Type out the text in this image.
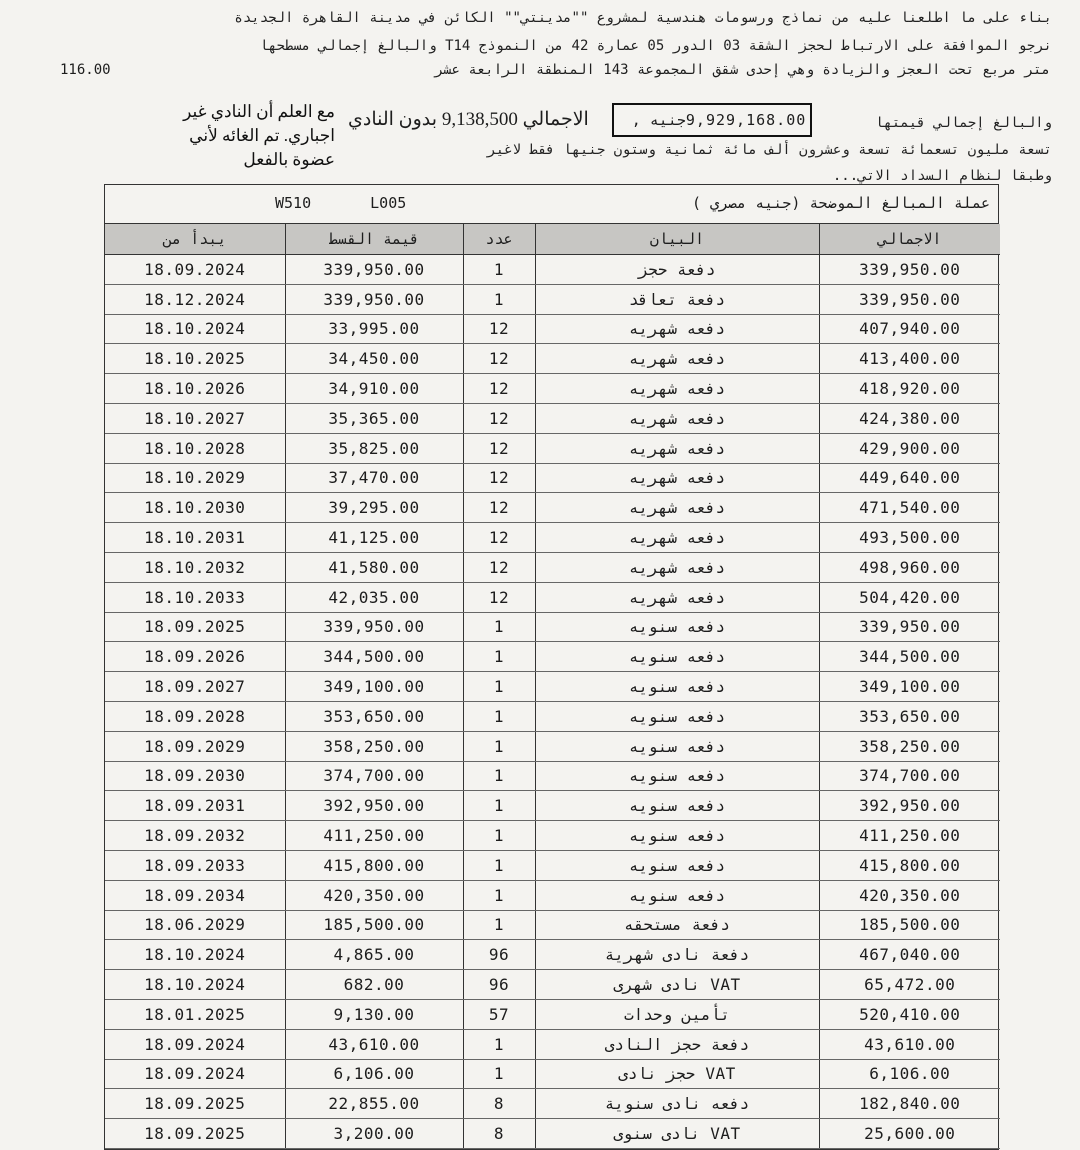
بناء على ما اطلعنا عليه من نماذج ورسومات هندسية لمشروع ""مدينتي"" الكائن في مدينة القاهرة الجديدة
نرجو الموافقة على الارتباط لحجز الشقة 03 الدور 05 عمارة 42 من النموذج T14 والبالغ إجمالي مسطحها
متر مربع تحت العجز والزيادة وهي إحدى شقق المجموعة 143 المنطقة الرابعة عشر
116.00
والبالغ إجمالي قيمتها
تسعة مليون تسعمائة تسعة وعشرون ألف مائة ثمانية وستون جنيها فقط لاغير
وطبقا لنظام السداد الاتي...
جنيه , 9,929,168.00
الاجمالي 9,138,500 بدون النادي
مع العلم أن النادي غير اجباري. تم الغائه لأني عضوة بالفعل
W510 L005	عملة المبالغ الموضحة (جنيه مصري )
يبدأ من	قيمة القسط	عدد	البيان	الاجمالي
18.09.2024	339,950.00	1	دفعة حجز	339,950.00
18.12.2024	339,950.00	1	دفعة تعاقد	339,950.00
18.10.2024	33,995.00	12	دفعه شهريه	407,940.00
18.10.2025	34,450.00	12	دفعه شهريه	413,400.00
18.10.2026	34,910.00	12	دفعه شهريه	418,920.00
18.10.2027	35,365.00	12	دفعه شهريه	424,380.00
18.10.2028	35,825.00	12	دفعه شهريه	429,900.00
18.10.2029	37,470.00	12	دفعه شهريه	449,640.00
18.10.2030	39,295.00	12	دفعه شهريه	471,540.00
18.10.2031	41,125.00	12	دفعه شهريه	493,500.00
18.10.2032	41,580.00	12	دفعه شهريه	498,960.00
18.10.2033	42,035.00	12	دفعه شهريه	504,420.00
18.09.2025	339,950.00	1	دفعه سنويه	339,950.00
18.09.2026	344,500.00	1	دفعه سنويه	344,500.00
18.09.2027	349,100.00	1	دفعه سنويه	349,100.00
18.09.2028	353,650.00	1	دفعه سنويه	353,650.00
18.09.2029	358,250.00	1	دفعه سنويه	358,250.00
18.09.2030	374,700.00	1	دفعه سنويه	374,700.00
18.09.2031	392,950.00	1	دفعه سنويه	392,950.00
18.09.2032	411,250.00	1	دفعه سنويه	411,250.00
18.09.2033	415,800.00	1	دفعه سنويه	415,800.00
18.09.2034	420,350.00	1	دفعه سنويه	420,350.00
18.06.2029	185,500.00	1	دفعة مستحقه	185,500.00
18.10.2024	4,865.00	96	دفعة نادى شهرية	467,040.00
18.10.2024	682.00	96	VAT نادى شهرى	65,472.00
18.01.2025	9,130.00	57	تأمين وحدات	520,410.00
18.09.2024	43,610.00	1	دفعة حجز النادى	43,610.00
18.09.2024	6,106.00	1	VAT حجز نادى	6,106.00
18.09.2025	22,855.00	8	دفعه نادى سنوية	182,840.00
18.09.2025	3,200.00	8	VAT نادى سنوى	25,600.00
